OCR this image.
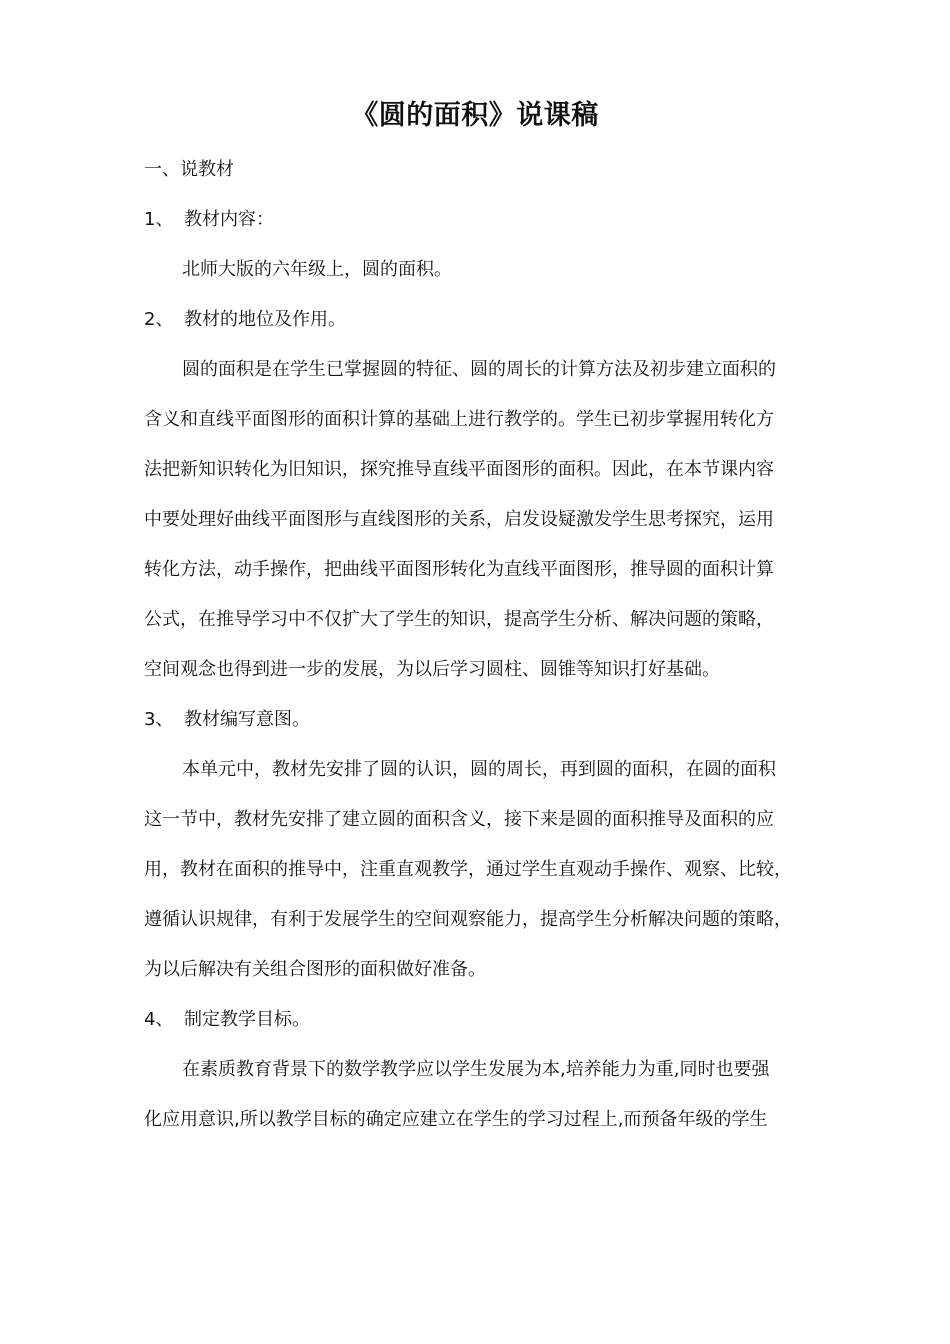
《圆的面积》说课稿
一、说教材
1、 教材内容：
北师大版的六年级上，圆的面积。
2、 教材的地位及作用。
圆的面积是在学生已掌握圆的特征、圆的周长的计算方法及初步建立面积的
含义和直线平面图形的面积计算的基础上进行教学的。学生已初步掌握用转化方
法把新知识转化为旧知识，探究推导直线平面图形的面积。因此，在本节课内容
中要处理好曲线平面图形与直线图形的关系，启发设疑激发学生思考探究，运用
转化方法，动手操作，把曲线平面图形转化为直线平面图形，推导圆的面积计算
公式，在推导学习中不仅扩大了学生的知识，提高学生分析、解决问题的策略，
空间观念也得到进一步的发展，为以后学习圆柱、圆锥等知识打好基础。
3、 教材编写意图。
本单元中，教材先安排了圆的认识，圆的周长，再到圆的面积，在圆的面积
这一节中，教材先安排了建立圆的面积含义，接下来是圆的面积推导及面积的应
用，教材在面积的推导中，注重直观教学，通过学生直观动手操作、观察、比较，
遵循认识规律，有利于发展学生的空间观察能力，提高学生分析解决问题的策略，
为以后解决有关组合图形的面积做好准备。
4、 制定教学目标。
在素质教育背景下的数学教学应以学生发展为本,培养能力为重,同时也要强
化应用意识,所以教学目标的确定应建立在学生的学习过程上,而预备年级的学生
